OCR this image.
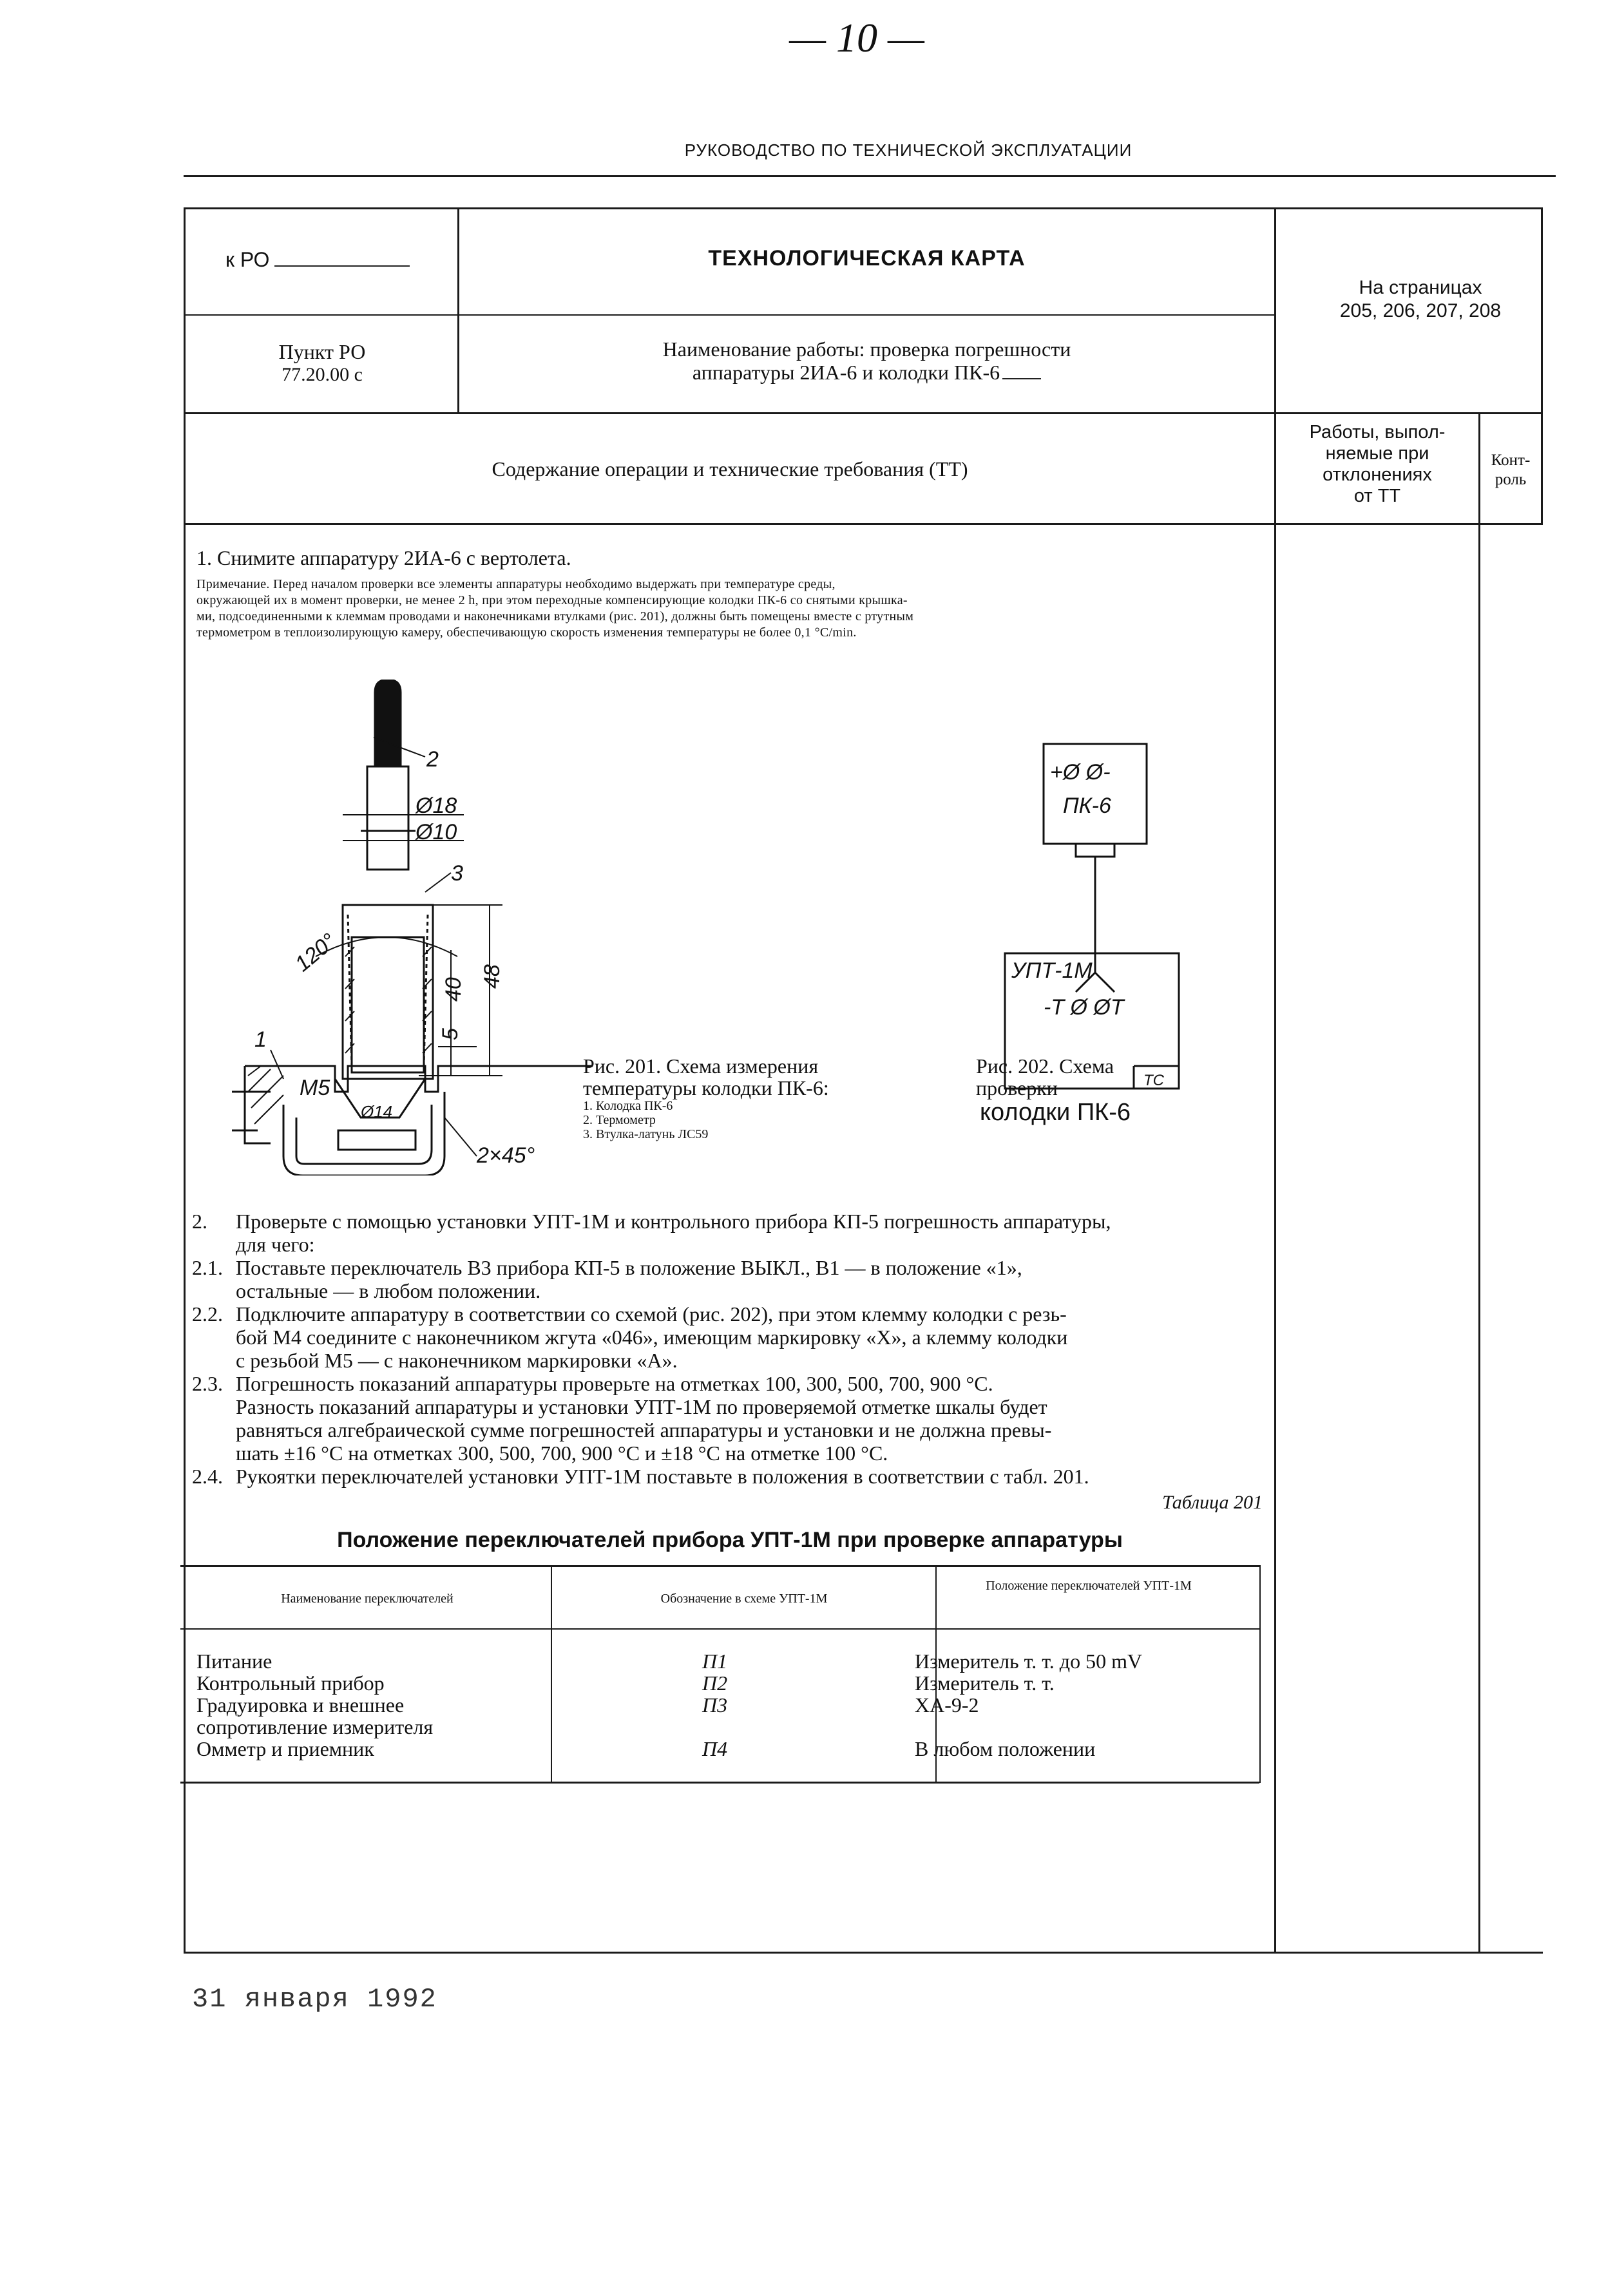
— 10 —
РУКОВОДСТВО ПО ТЕХНИЧЕСКОЙ ЭКСПЛУАТАЦИИ
к РО	ТЕХНОЛОГИЧЕСКАЯ КАРТА
На страницах
205, 206, 207, 208
Пункт РО
77.20.00 с
Наименование работы: проверка погрешности
аппаратуры 2ИА-6 и колодки ПК-6
Содержание операции и технические требования (ТТ)
Работы, выпол-
няемые при
отклонениях
от ТТ
Конт-
роль
1. Снимите аппаратуру 2ИА-6 с вертолета.
Примечание. Перед началом проверки все элементы аппаратуры необходимо выдержать при температуре среды,
окружающей их в момент проверки, не менее 2 h, при этом переходные компенсирующие колодки ПК-6 со снятыми крышка-
ми, подсоединенными к клеммам проводами и наконечниками втулками (рис. 201), должны быть помещены вместе с ртутным
термометром в теплоизолирующую камеру, обеспечивающую скорость изменения температуры не более 0,1 °C/min.
2
Ø18
Ø10
3
120°
40
48
5
1
M5
Ø14
2×45°
Рис. 201. Схема измерения
температуры колодки ПК-6:
1. Колодка ПК-6
2. Термометр
3. Втулка-латунь ЛС59
+Ø Ø-
ПК-6
УПТ-1М
-T Ø ØT
ТС
Рис. 202. Схема
проверки
колодки ПК-6
2.	Проверьте с помощью установки УПТ-1М и контрольного прибора КП-5 погрешность аппаратуры,
для чего:
2.1. Поставьте переключатель В3 прибора КП-5 в положение ВЫКЛ., В1 — в положение «1»,
остальные — в любом положении.
2.2. Подключите аппаратуру в соответствии со схемой (рис. 202), при этом клемму колодки с резь-
бой М4 соедините с наконечником жгута «046», имеющим маркировку «Х», а клемму колодки
с резьбой М5 — с наконечником маркировки «А».
2.3. Погрешность показаний аппаратуры проверьте на отметках 100, 300, 500, 700, 900 °С.
Разность показаний аппаратуры и установки УПТ-1М по проверяемой отметке шкалы будет
равняться алгебраической сумме погрешностей аппаратуры и установки и не должна превы-
шать ±16 °С на отметках 300, 500, 700, 900 °С и ±18 °С на отметке 100 °С.
2.4. Рукоятки переключателей установки УПТ-1М поставьте в положения в соответствии с табл. 201.
Таблица 201
Положение переключателей прибора УПТ-1М при проверке аппаратуры
Наименование переключателей	Обозначение в схеме УПТ-1М
Положение переключателей УПТ-1М
Питание	П1	Измеритель т. т. до 50 mV
Контрольный прибор	П2	Измеритель т. т.
Градуировка и внешнее сопротивление измерителя
П3	ХА-9-2
Омметр и приемник	П4	В любом положении
31 января 1992
